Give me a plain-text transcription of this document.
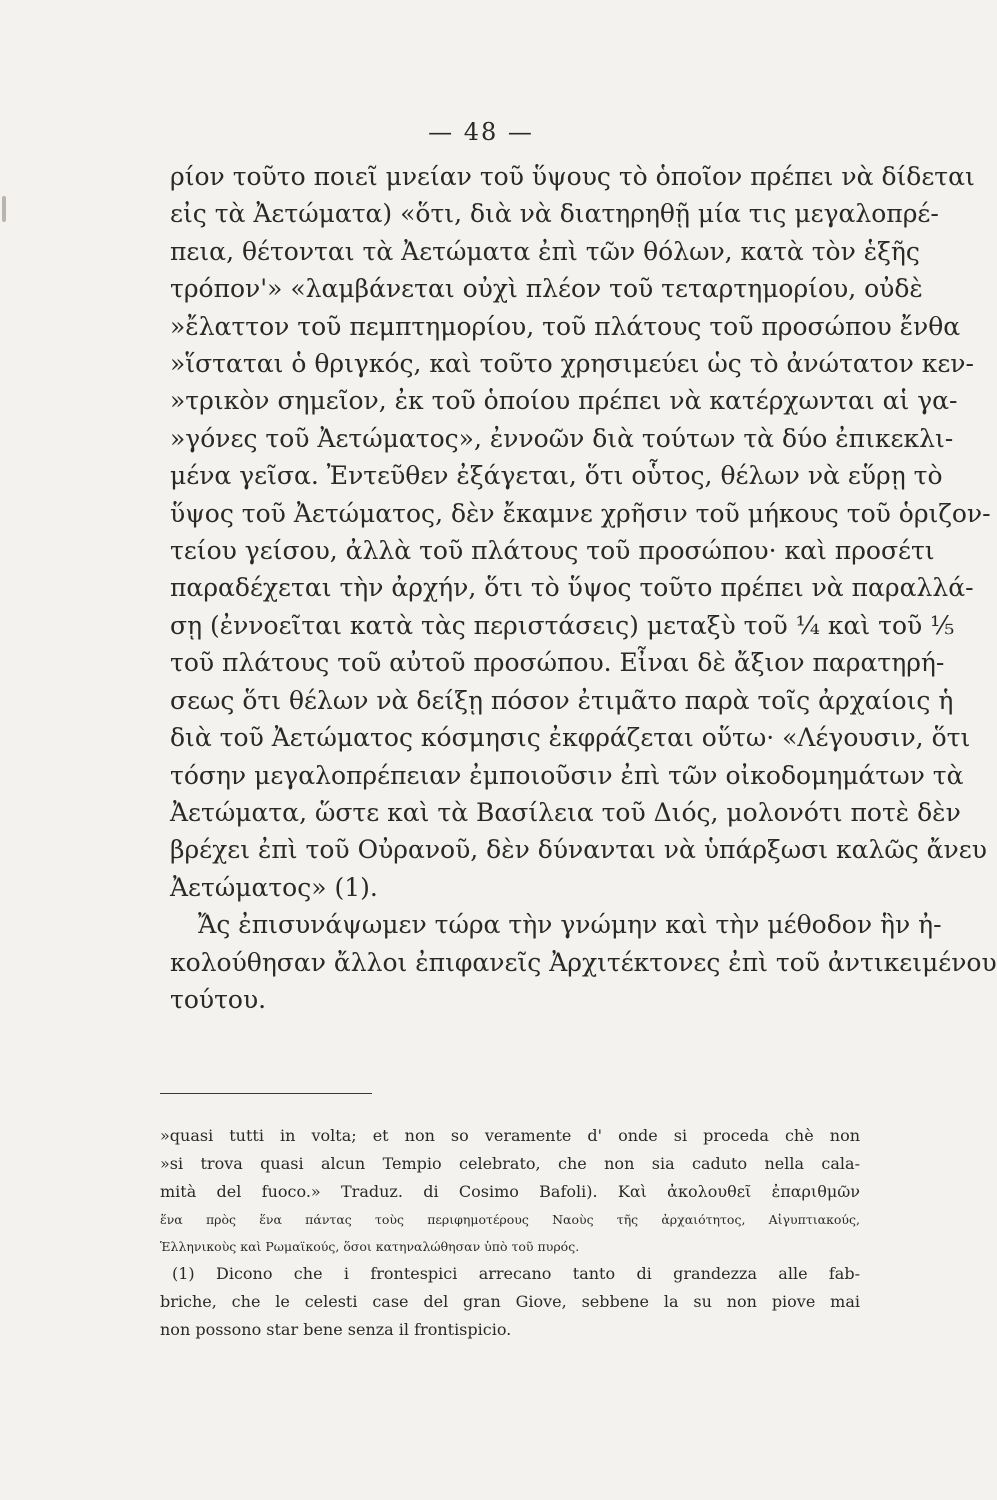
— 48 —
ρίον τοῦτο ποιεῖ μνείαν τοῦ ὕψους τὸ ὁποῖον πρέπει νὰ δίδεται
εἰς τὰ Ἀετώματα) «ὅτι, διὰ νὰ διατηρηθῇ μία τις μεγαλοπρέ-
πεια, θέτονται τὰ Ἀετώματα ἐπὶ τῶν θόλων, κατὰ τὸν ἑξῆς
τρόπον'» «λαμβάνεται οὐχὶ πλέον τοῦ τεταρτημορίου, οὐδὲ
»ἔλαττον τοῦ πεμπτημορίου, τοῦ πλάτους τοῦ προσώπου ἔνθα
»ἵσταται ὁ θριγκός, καὶ τοῦτο χρησιμεύει ὡς τὸ ἀνώτατον κεν-
»τρικὸν σημεῖον, ἐκ τοῦ ὁποίου πρέπει νὰ κατέρχωνται αἱ γα-
»γόνες τοῦ Ἀετώματος», ἐννοῶν διὰ τούτων τὰ δύο ἐπικεκλι-
μένα γεῖσα. Ἐντεῦθεν ἐξάγεται, ὅτι οὗτος, θέλων νὰ εὕρῃ τὸ
ὕψος τοῦ Ἀετώματος, δὲν ἔκαμνε χρῆσιν τοῦ μήκους τοῦ ὁριζον-
τείου γείσου, ἀλλὰ τοῦ πλάτους τοῦ προσώπου· καὶ προσέτι
παραδέχεται τὴν ἀρχήν, ὅτι τὸ ὕψος τοῦτο πρέπει νὰ παραλλά-
σῃ (ἐννοεῖται κατὰ τὰς περιστάσεις) μεταξὺ τοῦ ¼ καὶ τοῦ ⅕
τοῦ πλάτους τοῦ αὐτοῦ προσώπου. Εἶναι δὲ ἄξιον παρατηρή-
σεως ὅτι θέλων νὰ δείξῃ πόσον ἐτιμᾶτο παρὰ τοῖς ἀρχαίοις ἡ
διὰ τοῦ Ἀετώματος κόσμησις ἐκφράζεται οὕτω· «Λέγουσιν, ὅτι
τόσην μεγαλοπρέπειαν ἐμποιοῦσιν ἐπὶ τῶν οἰκοδομημάτων τὰ
Ἀετώματα, ὥστε καὶ τὰ Βασίλεια τοῦ Διός, μολονότι ποτὲ δὲν
βρέχει ἐπὶ τοῦ Οὐρανοῦ, δὲν δύνανται νὰ ὑπάρξωσι καλῶς ἄνευ
Ἀετώματος» (1).
Ἄς ἐπισυνάψωμεν τώρα τὴν γνώμην καὶ τὴν μέθοδον ἣν ἠ-
κολούθησαν ἄλλοι ἐπιφανεῖς Ἀρχιτέκτονες ἐπὶ τοῦ ἀντικειμένου
τούτου.
»quasi tutti in volta; et non so veramente d' onde si proceda chè non
»si trova quasi alcun Tempio celebrato, che non sia caduto nella cala-
mità del fuoco.» Traduz. di Cosimo Bafoli). Καὶ ἀκολουθεῖ ἐπαριθμῶν
ἕνα πρὸς ἕνα πάντας τοὺς περιφημοτέρους Ναοὺς τῆς ἀρχαιότητος, Αἰγυπτιακούς,
Ἑλληνικοὺς καὶ Ρωμαϊκούς, ὅσοι κατηναλώθησαν ὑπὸ τοῦ πυρός.
(1) Dicono che i frontespici arrecano tanto di grandezza alle fab-
briche, che le celesti case del gran Giove, sebbene la su non piove mai
non possono star bene senza il frontispicio.
